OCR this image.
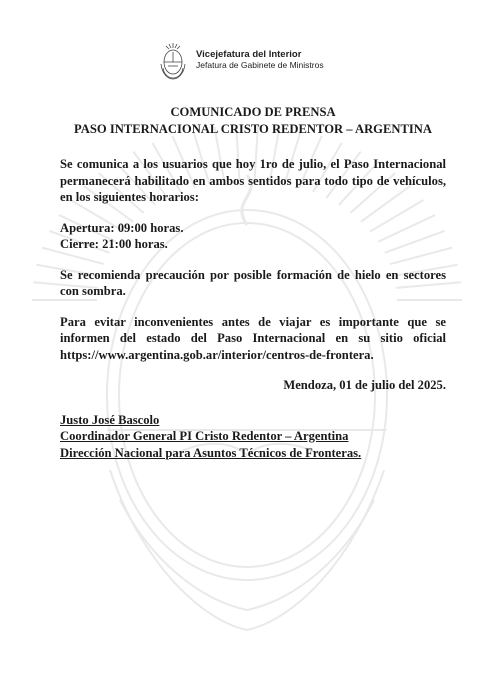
Vicejefatura del Interior
Jefatura de Gabinete de Ministros
COMUNICADO DE PRENSA
PASO INTERNACIONAL CRISTO REDENTOR – ARGENTINA

Se comunica a los usuarios que hoy 1ro de julio, el Paso Internacional permanecerá habilitado en ambos sentidos para todo tipo de vehículos, en los siguientes horarios:

Apertura: 09:00 horas.

Cierre: 21:00 horas.

Se recomienda precaución por posible formación de hielo en sectores con sombra.

Para evitar inconvenientes antes de viajar es importante que se informen del estado del Paso Internacional en su sitio oficial https://www.argentina.gob.ar/interior/centros-de-frontera.

Mendoza, 01 de julio del 2025.

Justo José Bascolo

Coordinador General PI Cristo Redentor – Argentina

Dirección Nacional para Asuntos Técnicos de Fronteras.
